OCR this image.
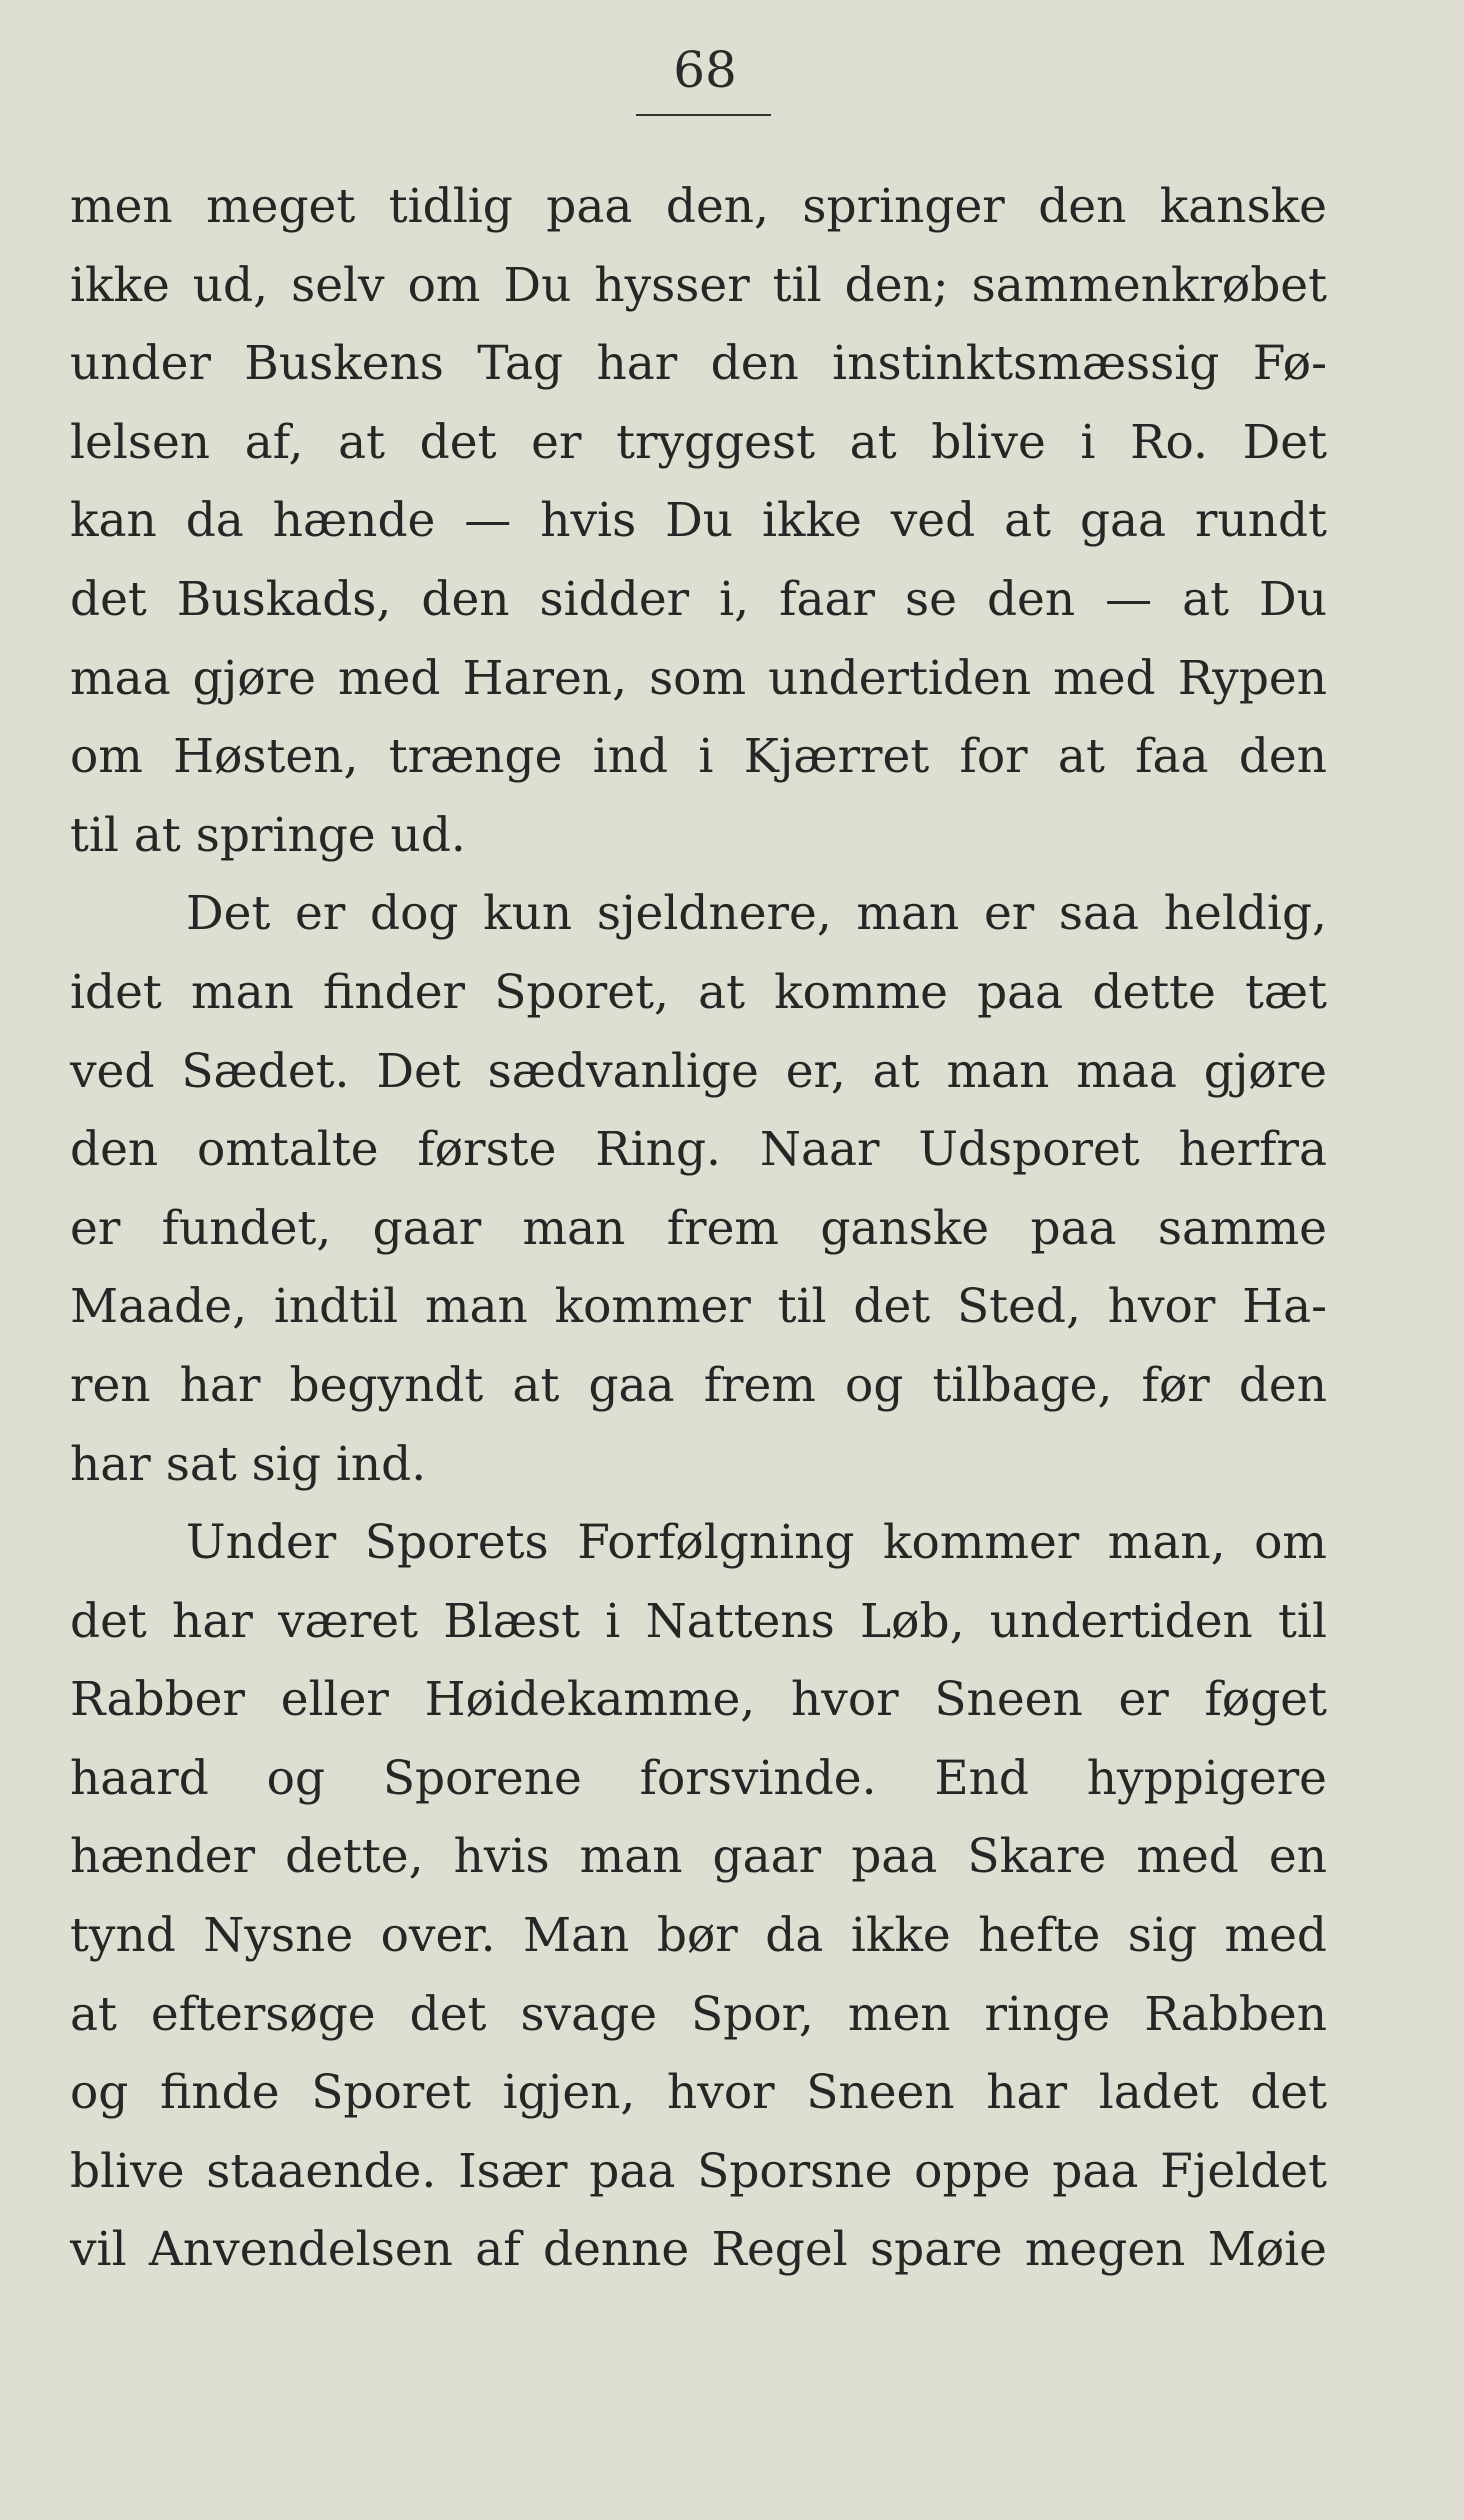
68
men meget tidlig paa den, springer den kanske
ikke ud, selv om Du hysser til den; sammenkrøbet
under Buskens Tag har den instinktsmæssig Fø-
lelsen af, at det er tryggest at blive i Ro. Det
kan da hænde — hvis Du ikke ved at gaa rundt
det Buskads, den sidder i, faar se den — at Du
maa gjøre med Haren, som undertiden med Rypen
om Høsten, trænge ind i Kjærret for at faa den
til at springe ud.
Det er dog kun sjeldnere, man er saa heldig,
idet man finder Sporet, at komme paa dette tæt
ved Sædet. Det sædvanlige er, at man maa gjøre
den omtalte første Ring. Naar Udsporet herfra
er fundet, gaar man frem ganske paa samme
Maade, indtil man kommer til det Sted, hvor Ha-
ren har begyndt at gaa frem og tilbage, før den
har sat sig ind.
Under Sporets Forfølgning kommer man, om
det har været Blæst i Nattens Løb, undertiden til
Rabber eller Høidekamme, hvor Sneen er føget
haard og Sporene forsvinde. End hyppigere
hænder dette, hvis man gaar paa Skare med en
tynd Nysne over. Man bør da ikke hefte sig med
at eftersøge det svage Spor, men ringe Rabben
og finde Sporet igjen, hvor Sneen har ladet det
blive staaende. Især paa Sporsne oppe paa Fjeldet
vil Anvendelsen af denne Regel spare megen Møie
